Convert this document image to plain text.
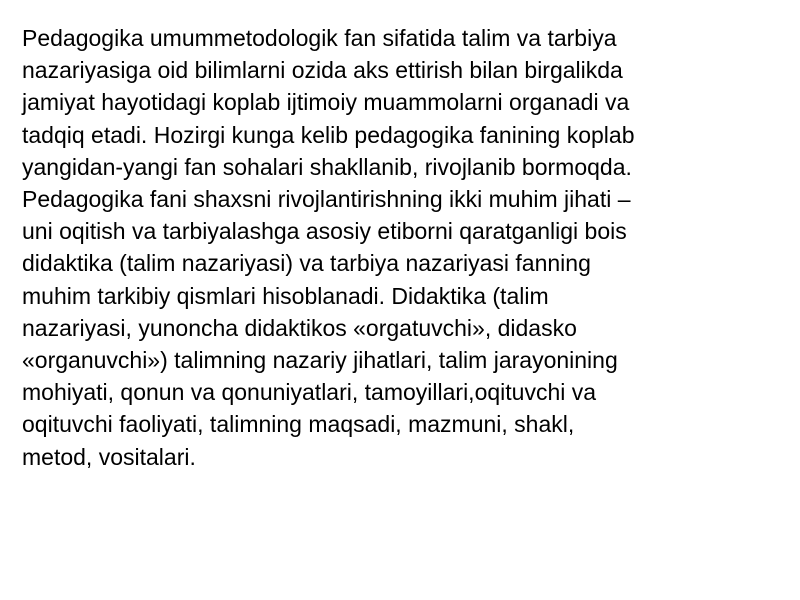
Pedagogika umummetodologik fan sifatida talim va tarbiya
nazariyasiga oid bilimlarni ozida aks ettirish bilan birgalikda
jamiyat hayotidagi koplab ijtimoiy muammolarni organadi va
tadqiq etadi. Hozirgi kunga kelib pedagogika fanining koplab
yangidan-yangi fan sohalari shakllanib, rivojlanib bormoqda.
Pedagogika fani shaxsni rivojlantirishning ikki muhim jihati –
uni oqitish va tarbiyalashga asosiy etiborni qaratganligi bois
didaktika (talim nazariyasi) va tarbiya nazariyasi fanning
muhim tarkibiy qismlari hisoblanadi. Didaktika (talim
nazariyasi, yunoncha didaktikos «orgatuvchi», didasko
«organuvchi») talimning nazariy jihatlari, talim jarayonining
mohiyati, qonun va qonuniyatlari, tamoyillari,oqituvchi va
oqituvchi faoliyati, talimning maqsadi, mazmuni, shakl,
metod, vositalari.
